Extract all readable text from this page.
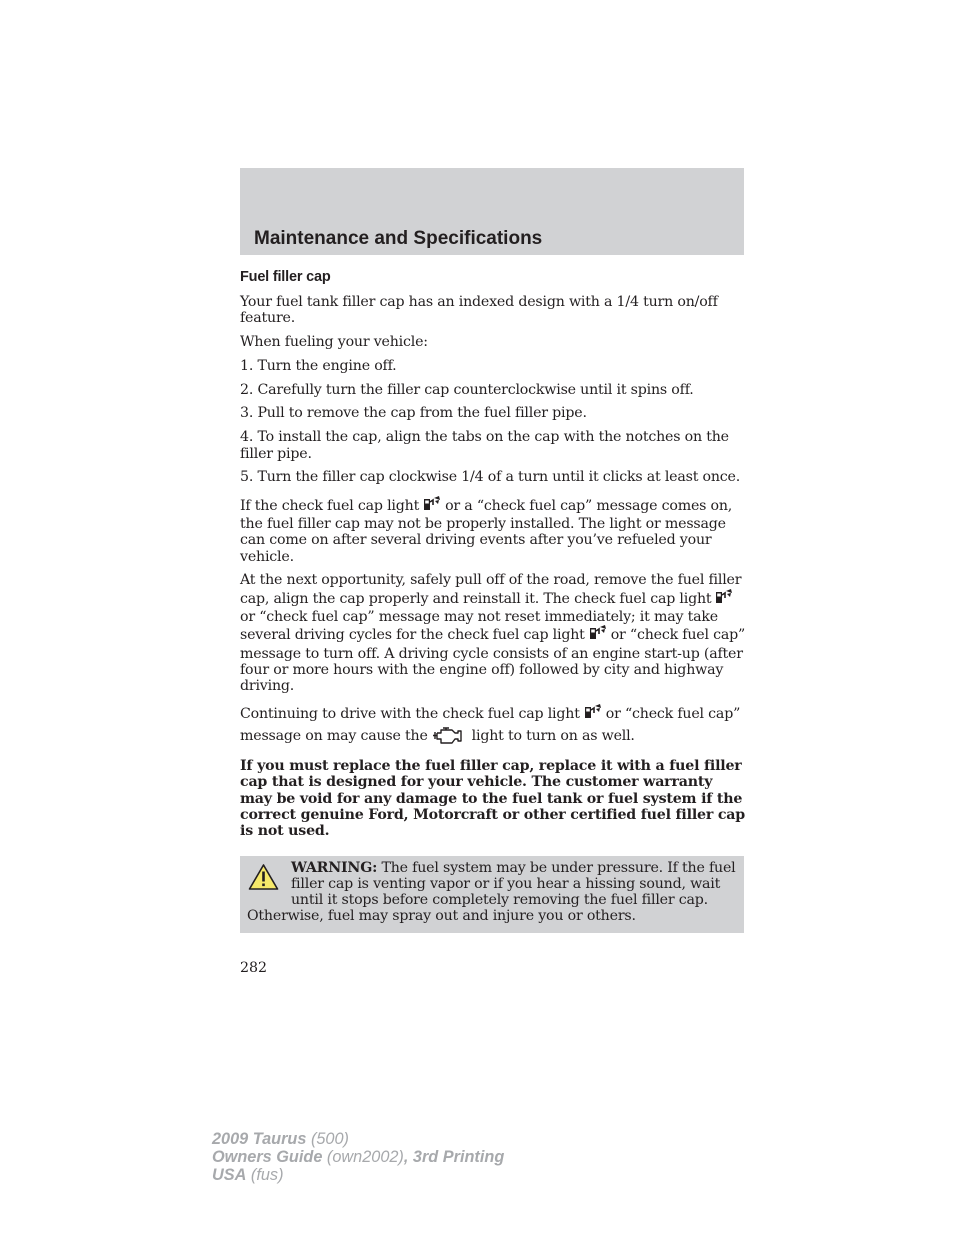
Maintenance and Specifications
Fuel filler cap

Your fuel tank filler cap has an indexed design with a 1/4 turn on/off feature.

When fueling your vehicle:

1. Turn the engine off.

2. Carefully turn the filler cap counterclockwise until it spins off.

3. Pull to remove the cap from the fuel filler pipe.

4. To install the cap, align the tabs on the cap with the notches on the filler pipe.

5. Turn the filler cap clockwise 1/4 of a turn until it clicks at least once.

If the check fuel cap light or a “check fuel cap” message comes on, the fuel filler cap may not be properly installed. The light or message can come on after several driving events after you’ve refueled your vehicle.

At the next opportunity, safely pull off of the road, remove the fuel filler cap, align the cap properly and reinstall it. The check fuel cap lightor “check fuel cap” message may not reset immediately; it may take several driving cycles for the check fuel cap light or “check fuel cap” message to turn off. A driving cycle consists of an engine start-up (after four or more hours with the engine off) followed by city and highway driving.

Continuing to drive with the check fuel cap light or “check fuel cap” message on may cause the	light to turn on as well.

If you must replace the fuel filler cap, replace it with a fuel filler cap that is designed for your vehicle. The customer warranty may be void for any damage to the fuel tank or fuel system if the correct genuine Ford, Motorcraft or other certified fuel filler cap is not used.

WARNING: The fuel system may be under pressure. If the fuel filler cap is venting vapor or if you hear a hissing sound, wait until it stops before completely removing the fuel filler cap. Otherwise, fuel may spray out and injure you or others.
282
2009 Taurus (500)
Owners Guide (own2002), 3rd Printing
USA (fus)
